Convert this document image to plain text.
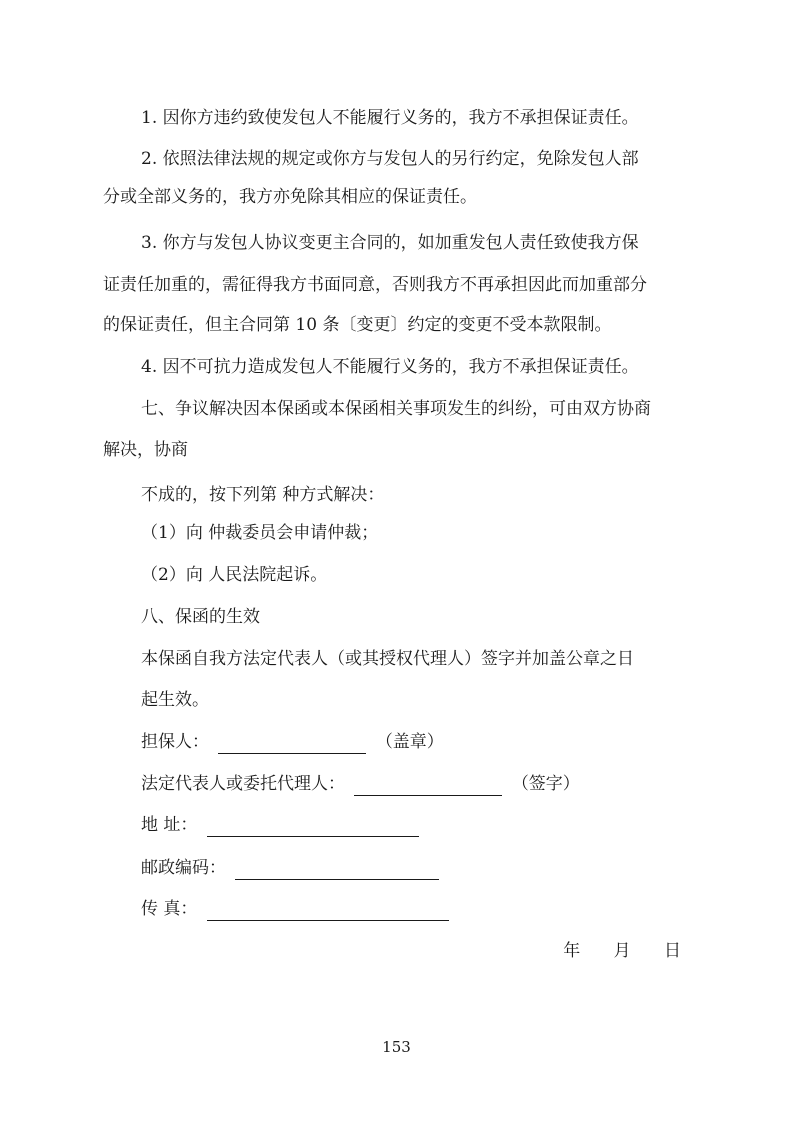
1. 因你方违约致使发包人不能履行义务的，我方不承担保证责任。
2. 依照法律法规的规定或你方与发包人的另行约定，免除发包人部
分或全部义务的，我方亦免除其相应的保证责任。
3. 你方与发包人协议变更主合同的，如加重发包人责任致使我方保
证责任加重的，需征得我方书面同意，否则我方不再承担因此而加重部分
的保证责任，但主合同第 10 条〔变更〕约定的变更不受本款限制。
4. 因不可抗力造成发包人不能履行义务的，我方不承担保证责任。
七、争议解决因本保函或本保函相关事项发生的纠纷，可由双方协商
解决，协商
不成的，按下列第 种方式解决：
（1）向 仲裁委员会申请仲裁；
（2）向 人民法院起诉。
八、保函的生效
本保函自我方法定代表人（或其授权代理人）签字并加盖公章之日
起生效。
担保人：	（盖章）
法定代表人或委托代理人：	（签字）
地 址：
邮政编码：
传 真：
年 月 日
153
